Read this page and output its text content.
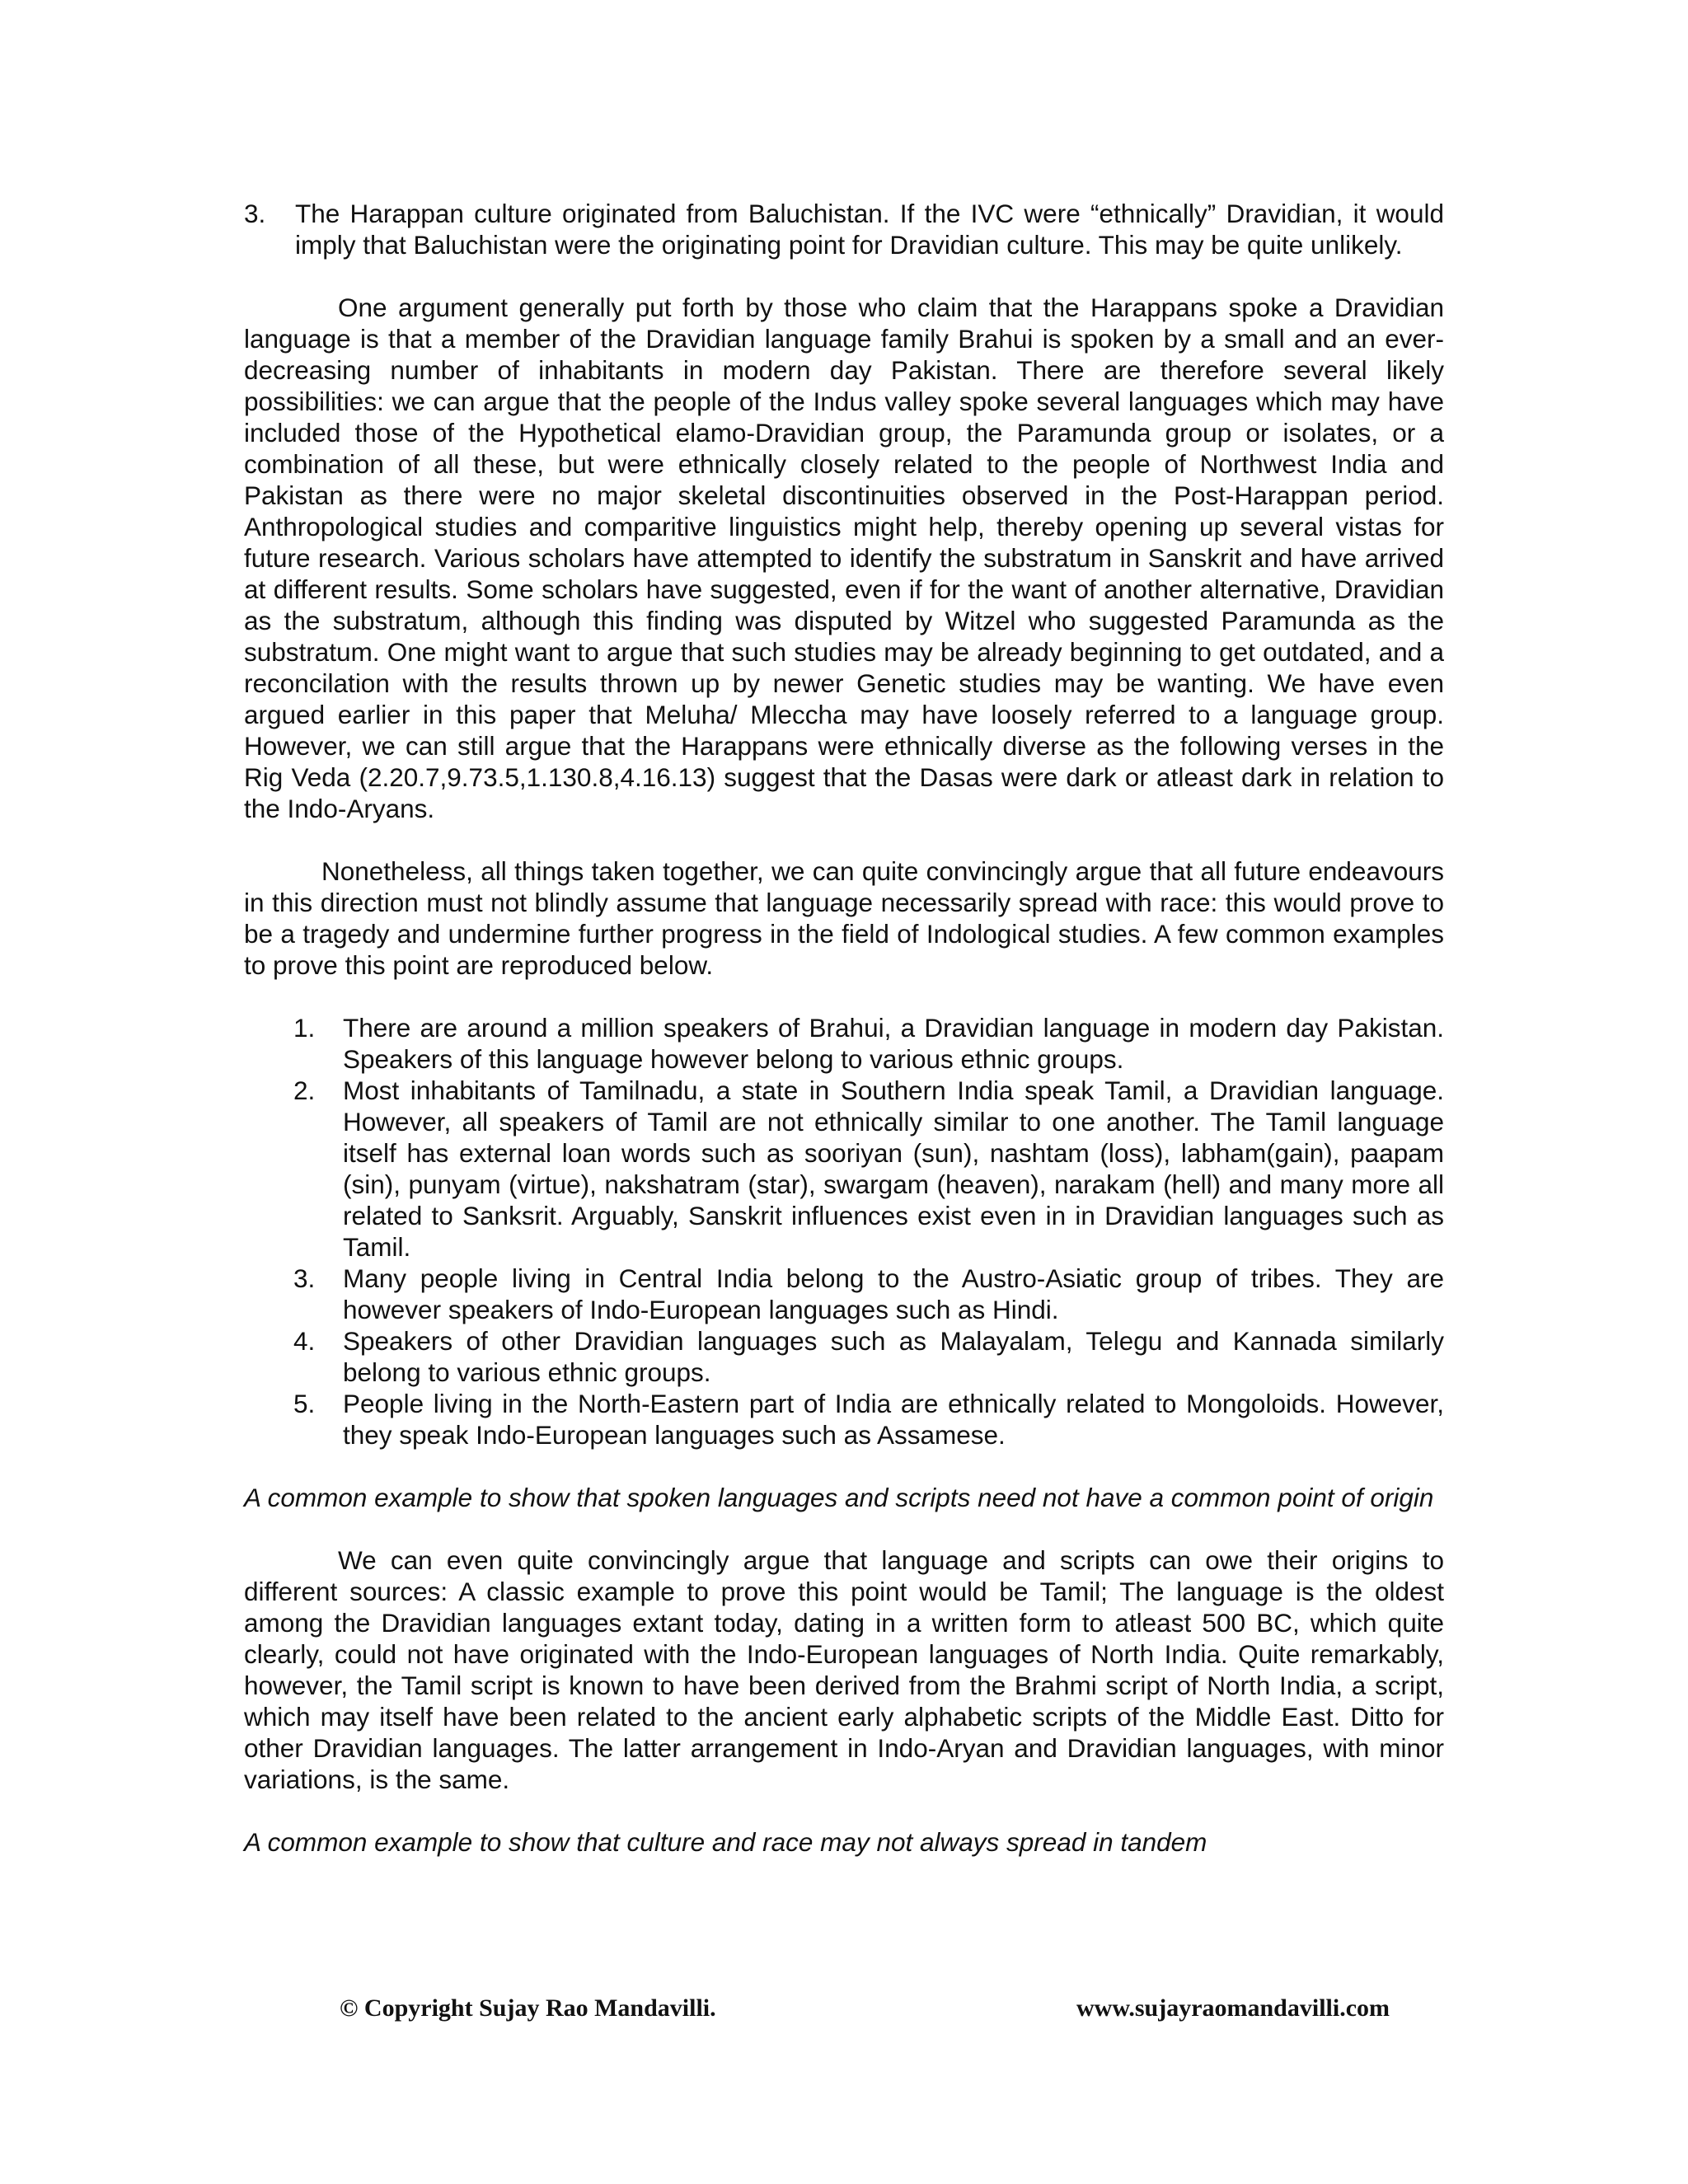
3. The Harappan culture originated from Baluchistan. If the IVC were “ethnically” Dravidian, it would imply that Baluchistan were the originating point for Dravidian culture. This may be quite unlikely.

One argument generally put forth by those who claim that the Harappans spoke a Dravidian language is that a member of the Dravidian language family Brahui is spoken by a small and an ever-decreasing number of inhabitants in modern day Pakistan. There are therefore several likely possibilities: we can argue that the people of the Indus valley spoke several languages which may have included those of the Hypothetical elamo-Dravidian group, the Paramunda group or isolates, or a combination of all these, but were ethnically closely related to the people of Northwest India and Pakistan as there were no major skeletal discontinuities observed in the Post-Harappan period. Anthropological studies and comparitive linguistics might help, thereby opening up several vistas for future research. Various scholars have attempted to identify the substratum in Sanskrit and have arrived at different results. Some scholars have suggested, even if for the want of another alternative, Dravidian as the substratum, although this finding was disputed by Witzel who suggested Paramunda as the substratum. One might want to argue that such studies may be already beginning to get outdated, and a reconcilation with the results thrown up by newer Genetic studies may be wanting. We have even argued earlier in this paper that Meluha/ Mleccha may have loosely referred to a language group. However, we can still argue that the Harappans were ethnically diverse as the following verses in the Rig Veda (2.20.7,9.73.5,1.130.8,4.16.13) suggest that the Dasas were dark or atleast dark in relation to the Indo-Aryans.

Nonetheless, all things taken together, we can quite convincingly argue that all future endeavours in this direction must not blindly assume that language necessarily spread with race: this would prove to be a tragedy and undermine further progress in the field of Indological studies. A few common examples to prove this point are reproduced below.

1. There are around a million speakers of Brahui, a Dravidian language in modern day Pakistan. Speakers of this language however belong to various ethnic groups.
2. Most inhabitants of Tamilnadu, a state in Southern India speak Tamil, a Dravidian language. However, all speakers of Tamil are not ethnically similar to one another. The Tamil language itself has external loan words such as sooriyan (sun), nashtam (loss), labham(gain), paapam (sin), punyam (virtue), nakshatram (star), swargam (heaven), narakam (hell) and many more all related to Sanksrit. Arguably, Sanskrit influences exist even in in Dravidian languages such as Tamil.
3. Many people living in Central India belong to the Austro-Asiatic group of tribes. They are however speakers of Indo-European languages such as Hindi.
4. Speakers of other Dravidian languages such as Malayalam, Telegu and Kannada similarly belong to various ethnic groups.
5. People living in the North-Eastern part of India are ethnically related to Mongoloids. However, they speak Indo-European languages such as Assamese.

A common example to show that spoken languages and scripts need not have a common point of origin

We can even quite convincingly argue that language and scripts can owe their origins to different sources: A classic example to prove this point would be Tamil; The language is the oldest among the Dravidian languages extant today, dating in a written form to atleast 500 BC, which quite clearly, could not have originated with the Indo-European languages of North India. Quite remarkably, however, the Tamil script is known to have been derived from the Brahmi script of North India, a script, which may itself have been related to the ancient early alphabetic scripts of the Middle East. Ditto for other Dravidian languages. The latter arrangement in Indo-Aryan and Dravidian languages, with minor variations, is the same.

A common example to show that culture and race may not always spread in tandem

© Copyright Sujay Rao Mandavilli.	www.sujayraomandavilli.com
